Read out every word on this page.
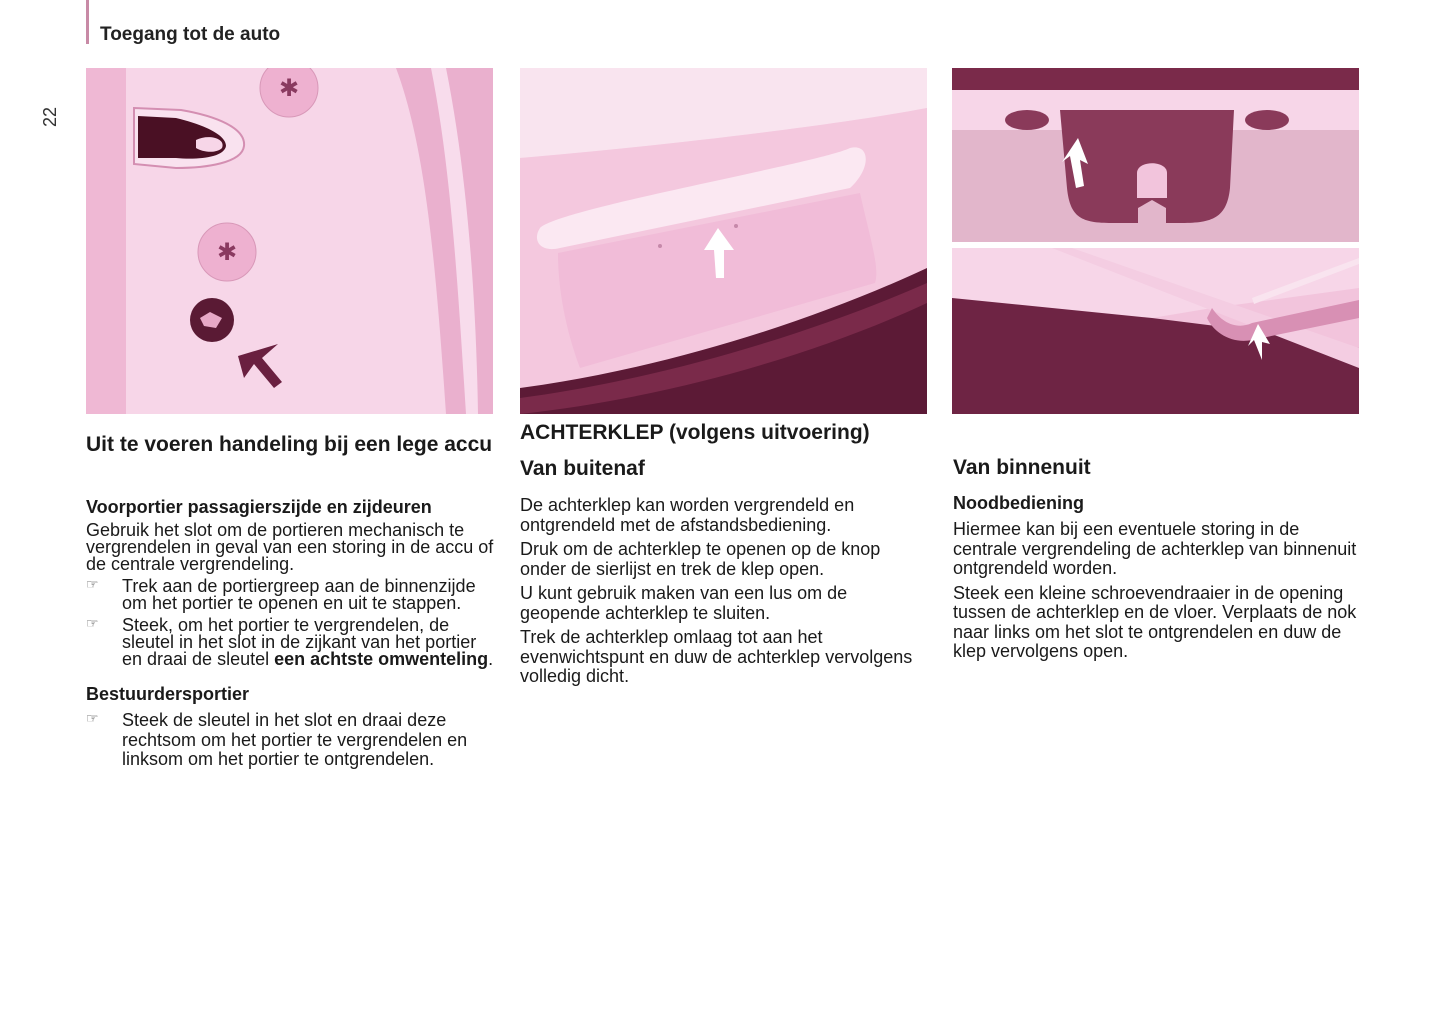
Toegang tot de auto
22
✱
✱
Uit te voeren handeling bij een lege accu
Voorportier passagierszijde en zijdeuren

Gebruik het slot om de portieren mechanisch te vergrendelen in geval van een storing in de accu of de centrale vergrendeling.

☞ Trek aan de portiergreep aan de binnenzijde om het portier te openen en uit te stappen.
☞ Steek, om het portier te vergrendelen, de sleutel in het slot in de zijkant van het portier en draai de sleutel een achtste omwenteling.
Bestuurdersportier
☞ Steek de sleutel in het slot en draai deze rechtsom om het portier te vergrendelen en linksom om het portier te ontgrendelen.
ACHTERKLEP (volgens uitvoering)
Van buitenaf

De achterklep kan worden vergrendeld en ontgrendeld met de afstandsbediening.

Druk om de achterklep te openen op de knop onder de sierlijst en trek de klep open.

U kunt gebruik maken van een lus om de geopende achterklep te sluiten.

Trek de achterklep omlaag tot aan het evenwichtspunt en duw de achterklep vervolgens volledig dicht.

Van binnenuit
Noodbediening

Hiermee kan bij een eventuele storing in de centrale vergrendeling de achterklep van binnenuit ontgrendeld worden.

Steek een kleine schroevendraaier in de opening tussen de achterklep en de vloer. Verplaats de nok naar links om het slot te ontgrendelen en duw de klep vervolgens open.
